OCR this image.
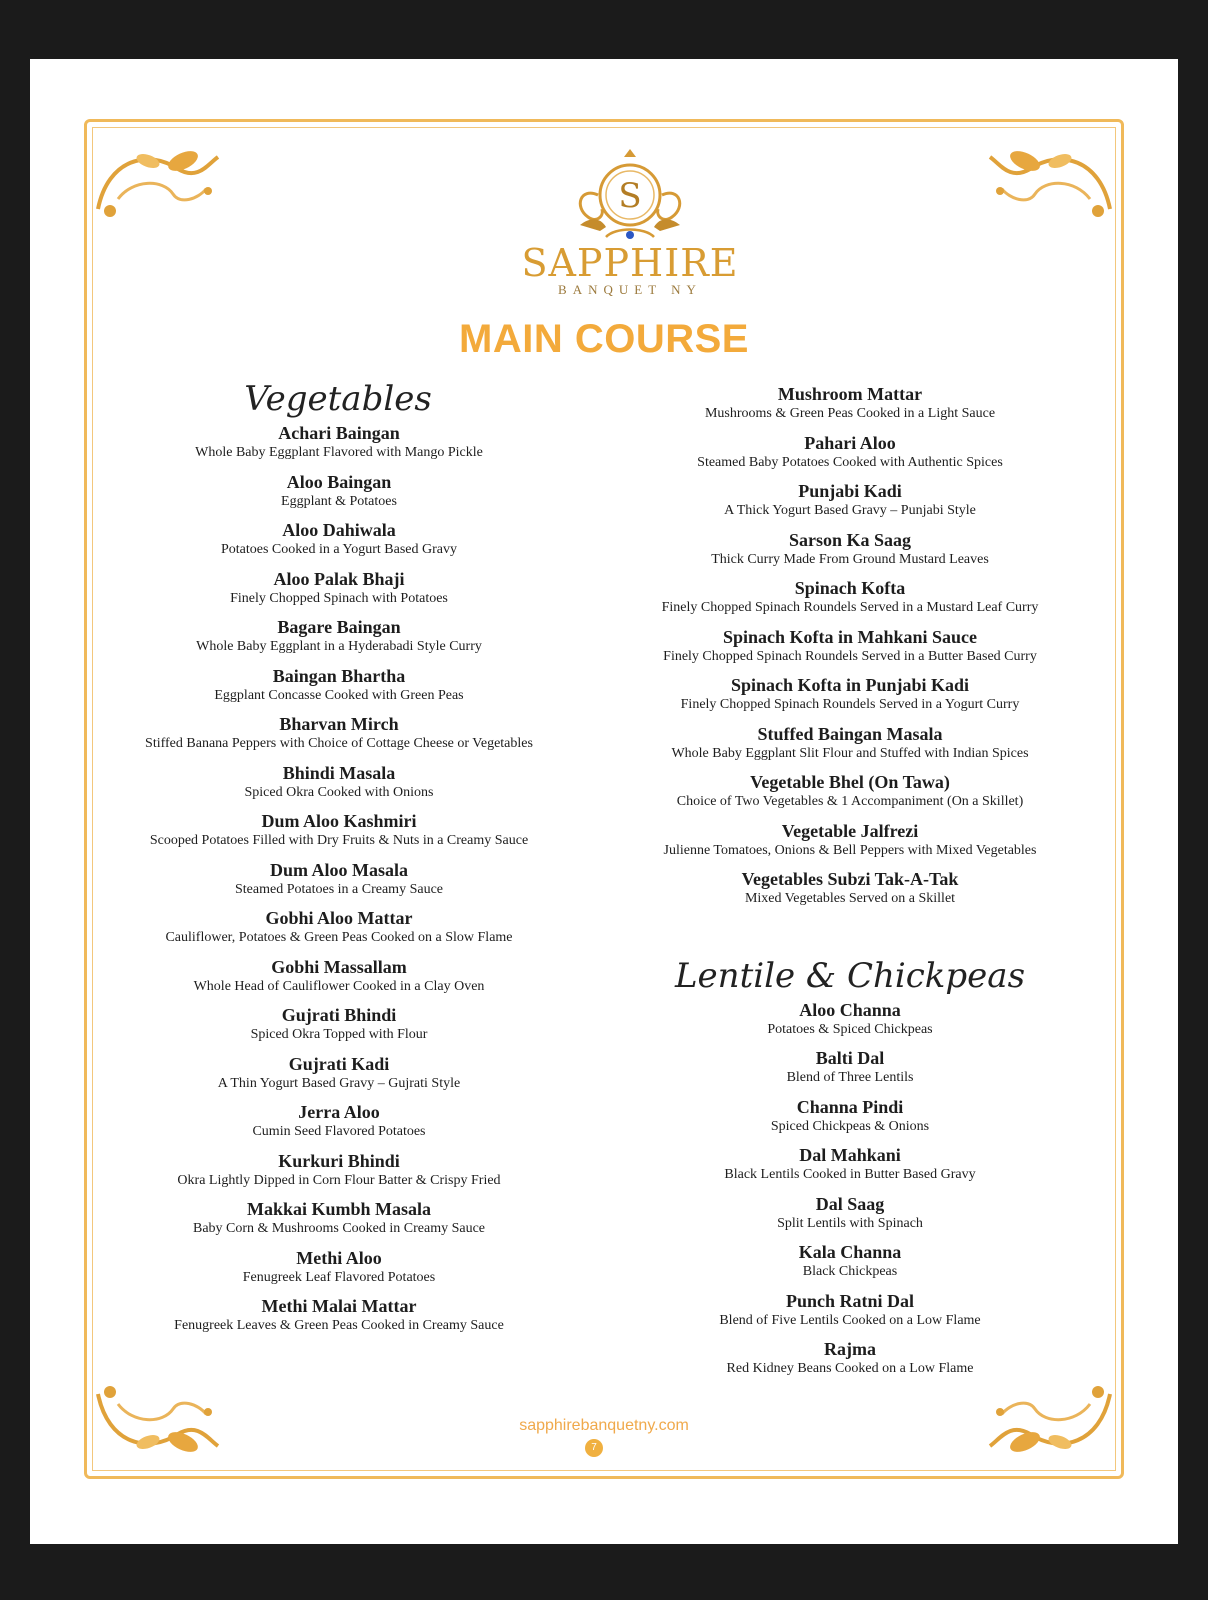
S
SAPPHIRE
BANQUET NY
MAIN COURSE
Vegetables
Achari Baingan
Whole Baby Eggplant Flavored with Mango Pickle
Aloo Baingan
Eggplant & Potatoes
Aloo Dahiwala
Potatoes Cooked in a Yogurt Based Gravy
Aloo Palak Bhaji
Finely Chopped Spinach with Potatoes
Bagare Baingan
Whole Baby Eggplant in a Hyderabadi Style Curry
Baingan Bhartha
Eggplant Concasse Cooked with Green Peas
Bharvan Mirch
Stiffed Banana Peppers with Choice of Cottage Cheese or Vegetables
Bhindi Masala
Spiced Okra Cooked with Onions
Dum Aloo Kashmiri
Scooped Potatoes Filled with Dry Fruits & Nuts in a Creamy Sauce
Dum Aloo Masala
Steamed Potatoes in a Creamy Sauce
Gobhi Aloo Mattar
Cauliflower, Potatoes & Green Peas Cooked on a Slow Flame
Gobhi Massallam
Whole Head of Cauliflower Cooked in a Clay Oven
Gujrati Bhindi
Spiced Okra Topped with Flour
Gujrati Kadi
A Thin Yogurt Based Gravy – Gujrati Style
Jerra Aloo
Cumin Seed Flavored Potatoes
Kurkuri Bhindi
Okra Lightly Dipped in Corn Flour Batter & Crispy Fried
Makkai Kumbh Masala
Baby Corn & Mushrooms Cooked in Creamy Sauce
Methi Aloo
Fenugreek Leaf Flavored Potatoes
Methi Malai Mattar
Fenugreek Leaves & Green Peas Cooked in Creamy Sauce
Mushroom Mattar
Mushrooms & Green Peas Cooked in a Light Sauce
Pahari Aloo
Steamed Baby Potatoes Cooked with Authentic Spices
Punjabi Kadi
A Thick Yogurt Based Gravy – Punjabi Style
Sarson Ka Saag
Thick Curry Made From Ground Mustard Leaves
Spinach Kofta
Finely Chopped Spinach Roundels Served in a Mustard Leaf Curry
Spinach Kofta in Mahkani Sauce
Finely Chopped Spinach Roundels Served in a Butter Based Curry
Spinach Kofta in Punjabi Kadi
Finely Chopped Spinach Roundels Served in a Yogurt Curry
Stuffed Baingan Masala
Whole Baby Eggplant Slit Flour and Stuffed with Indian Spices
Vegetable Bhel (On Tawa)
Choice of Two Vegetables & 1 Accompaniment (On a Skillet)
Vegetable Jalfrezi
Julienne Tomatoes, Onions & Bell Peppers with Mixed Vegetables
Vegetables Subzi Tak-A-Tak
Mixed Vegetables Served on a Skillet
Lentile & Chickpeas
Aloo Channa
Potatoes & Spiced Chickpeas
Balti Dal
Blend of Three Lentils
Channa Pindi
Spiced Chickpeas & Onions
Dal Mahkani
Black Lentils Cooked in Butter Based Gravy
Dal Saag
Split Lentils with Spinach
Kala Channa
Black Chickpeas
Punch Ratni Dal
Blend of Five Lentils Cooked on a Low Flame
Rajma
Red Kidney Beans Cooked on a Low Flame
sapphirebanquetny.com
7
